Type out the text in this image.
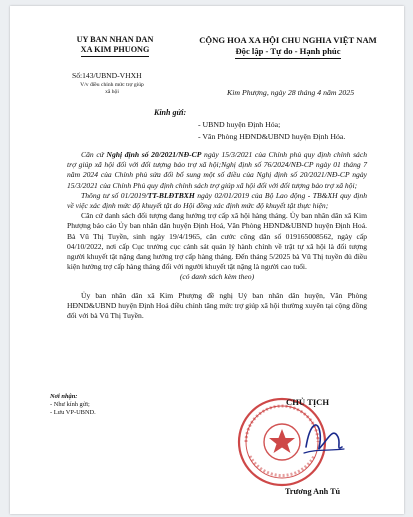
UY BAN NHAN DAN
XA KIM PHUONG
CỘNG HOA XA HỘI CHU NGHIA VIỆT NAM
Độc lập - Tự do - Hạnh phúc
Số:143/UBND-VHXH
V/v điều chỉnh mức trợ giúp
xã hội	Kim Phượng, ngày 28 tháng 4 năm 2025
Kinh gửi:
- UBND huyện Định Hóa;
- Văn Phòng HĐND&UBND huyện Định Hóa.

Căn cứ Nghị định số 20/2021/NĐ-CP ngày 15/3/2021 của Chính phủ quy định chính sách trợ giúp xã hội đối với đối tượng bảo trợ xã hội;Nghị định số 76/2024/NĐ-CP ngày 01 tháng 7 năm 2024 của Chính phủ sửa đổi bổ sung một số điều của Nghị định số 20/2021/NĐ-CP ngày 15/3/2021 của Chính Phủ quy định chính sách trợ giúp xã hội đối với đối tượng bảo trợ xã hội;

Thông tư số 01/2019/TT-BLĐTBXH ngày 02/01/2019 của Bộ Lao động - TB&XH quy định về việc xác định mức độ khuyết tật do Hội đồng xác định mức độ khuyết tật thực hiện;

Căn cứ danh sách đối tượng đang hưởng trợ cấp xã hội hàng tháng. Ủy ban nhân dân xã Kim Phượng báo cáo Ủy ban nhân dân huyện Định Hoá, Văn Phòng HĐND&UBND huyện Định Hoá. Bà Vũ Thị Tuyền, sinh ngày 19/4/1965, căn cước công dân số 019165008562, ngày cấp 04/10/2022, nơi cấp Cục trưởng cục cảnh sát quản lý hành chính về trật tự xã hội là đối tượng người khuyết tật nặng đang hưởng trợ cấp hàng tháng. Đến tháng 5/2025 bà Vũ Thị tuyền đủ điều kiện hưởng trợ cấp hàng tháng đối với người khuyết tật nặng là người cao tuổi.

(có danh sách kèm theo)

Ủy ban nhân dân xã Kim Phượng đề nghị Uỷ ban nhân dân huyện, Văn Phòng HĐND&UBND huyện Định Hoá điều chỉnh tăng mức trợ giúp xã hội thường xuyên tại cộng đồng đối với bà Vũ Thị Tuyền.

Nơi nhận:
- Như kính gửi;
- Lưu VP-UBND.
CHỦ TỊCH
Trương Anh Tú
